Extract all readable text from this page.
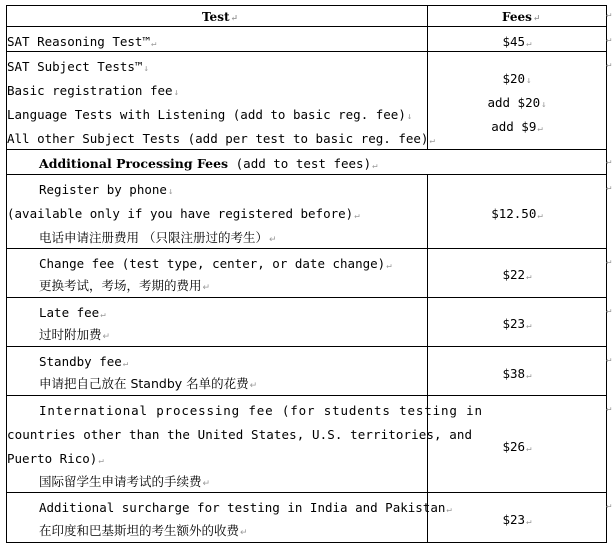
Test↵	Fees↵
SAT Reasoning Test™↵	$45↵
SAT Subject Tests™↓
Basic registration fee↓
Language Tests with Listening (add to basic reg. fee)↓
All other Subject Tests (add per test to basic reg. fee)↵
$20↓
add $20↓
add $9↵
Additional Processing Fees (add to test fees)↵
Register by phone↓
(available only if you have registered before)↵
电话申请注册费用 （只限注册过的考生）↵
$12.50↵
Change fee (test type, center, or date change)↵
更换考试，考场，考期的费用↵
$22↵
Late fee↵
过时附加费↵
$23↵
Standby fee↵
申请把自己放在 Standby 名单的花费↵
$38↵
International processing fee (for students testing in
countries other than the United States, U.S. territories, and
Puerto Rico)↵
国际留学生申请考试的手续费↵
$26↵
Additional surcharge for testing in India and Pakistan↵
在印度和巴基斯坦的考生额外的收费↵
$23↵
↵
↵
↵
↵
↵
↵
↵
↵
↵
↵
